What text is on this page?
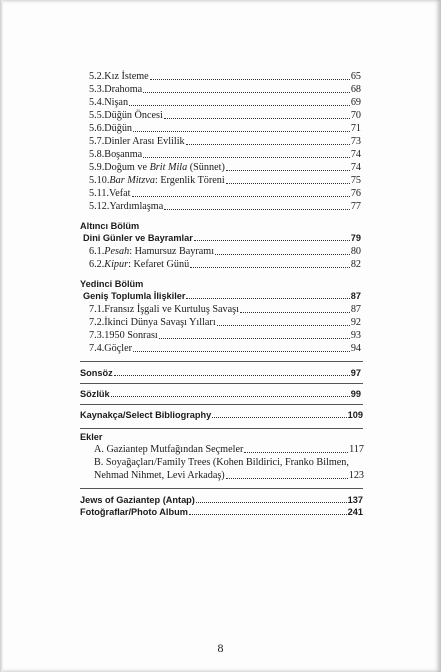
5.2.Kız İsteme	65
5.3.Drahoma	68
5.4.Nişan	69
5.5.Düğün Öncesi	70
5.6.Düğün	71
5.7.Dinler Arası Evlilik	73
5.8.Boşanma	74
5.9.Doğum ve Brit Mila (Sünnet)	74
5.10.Bar Mitzva: Ergenlik Töreni	75
5.11.Vefat	76
5.12.Yardımlaşma	77
Altıncı Bölüm
Dini Günler ve Bayramlar	79
6.1.Pesah: Hamursuz Bayramı	80
6.2.Kipur: Kefaret Günü	82
Yedinci Bölüm
Geniş Toplumla İlişkiler	87
7.1.Fransız İşgali ve Kurtuluş Savaşı	87
7.2.İkinci Dünya Savaşı Yılları	92
7.3.1950 Sonrası	93
7.4.Göçler	94
Sonsöz	97
Sözlük	99
Kaynakça/Select Bibliography	109
Ekler
A. Gaziantep Mutfağından Seçmeler	117
B. Soyağaçları/Family Trees (Kohen Bildirici, Franko Bilmen,
Nehmad Nihmet, Levi Arkadaş)	123
Jews of Gaziantep (Antap)	137
Fotoğraflar/Photo Album	241
8
